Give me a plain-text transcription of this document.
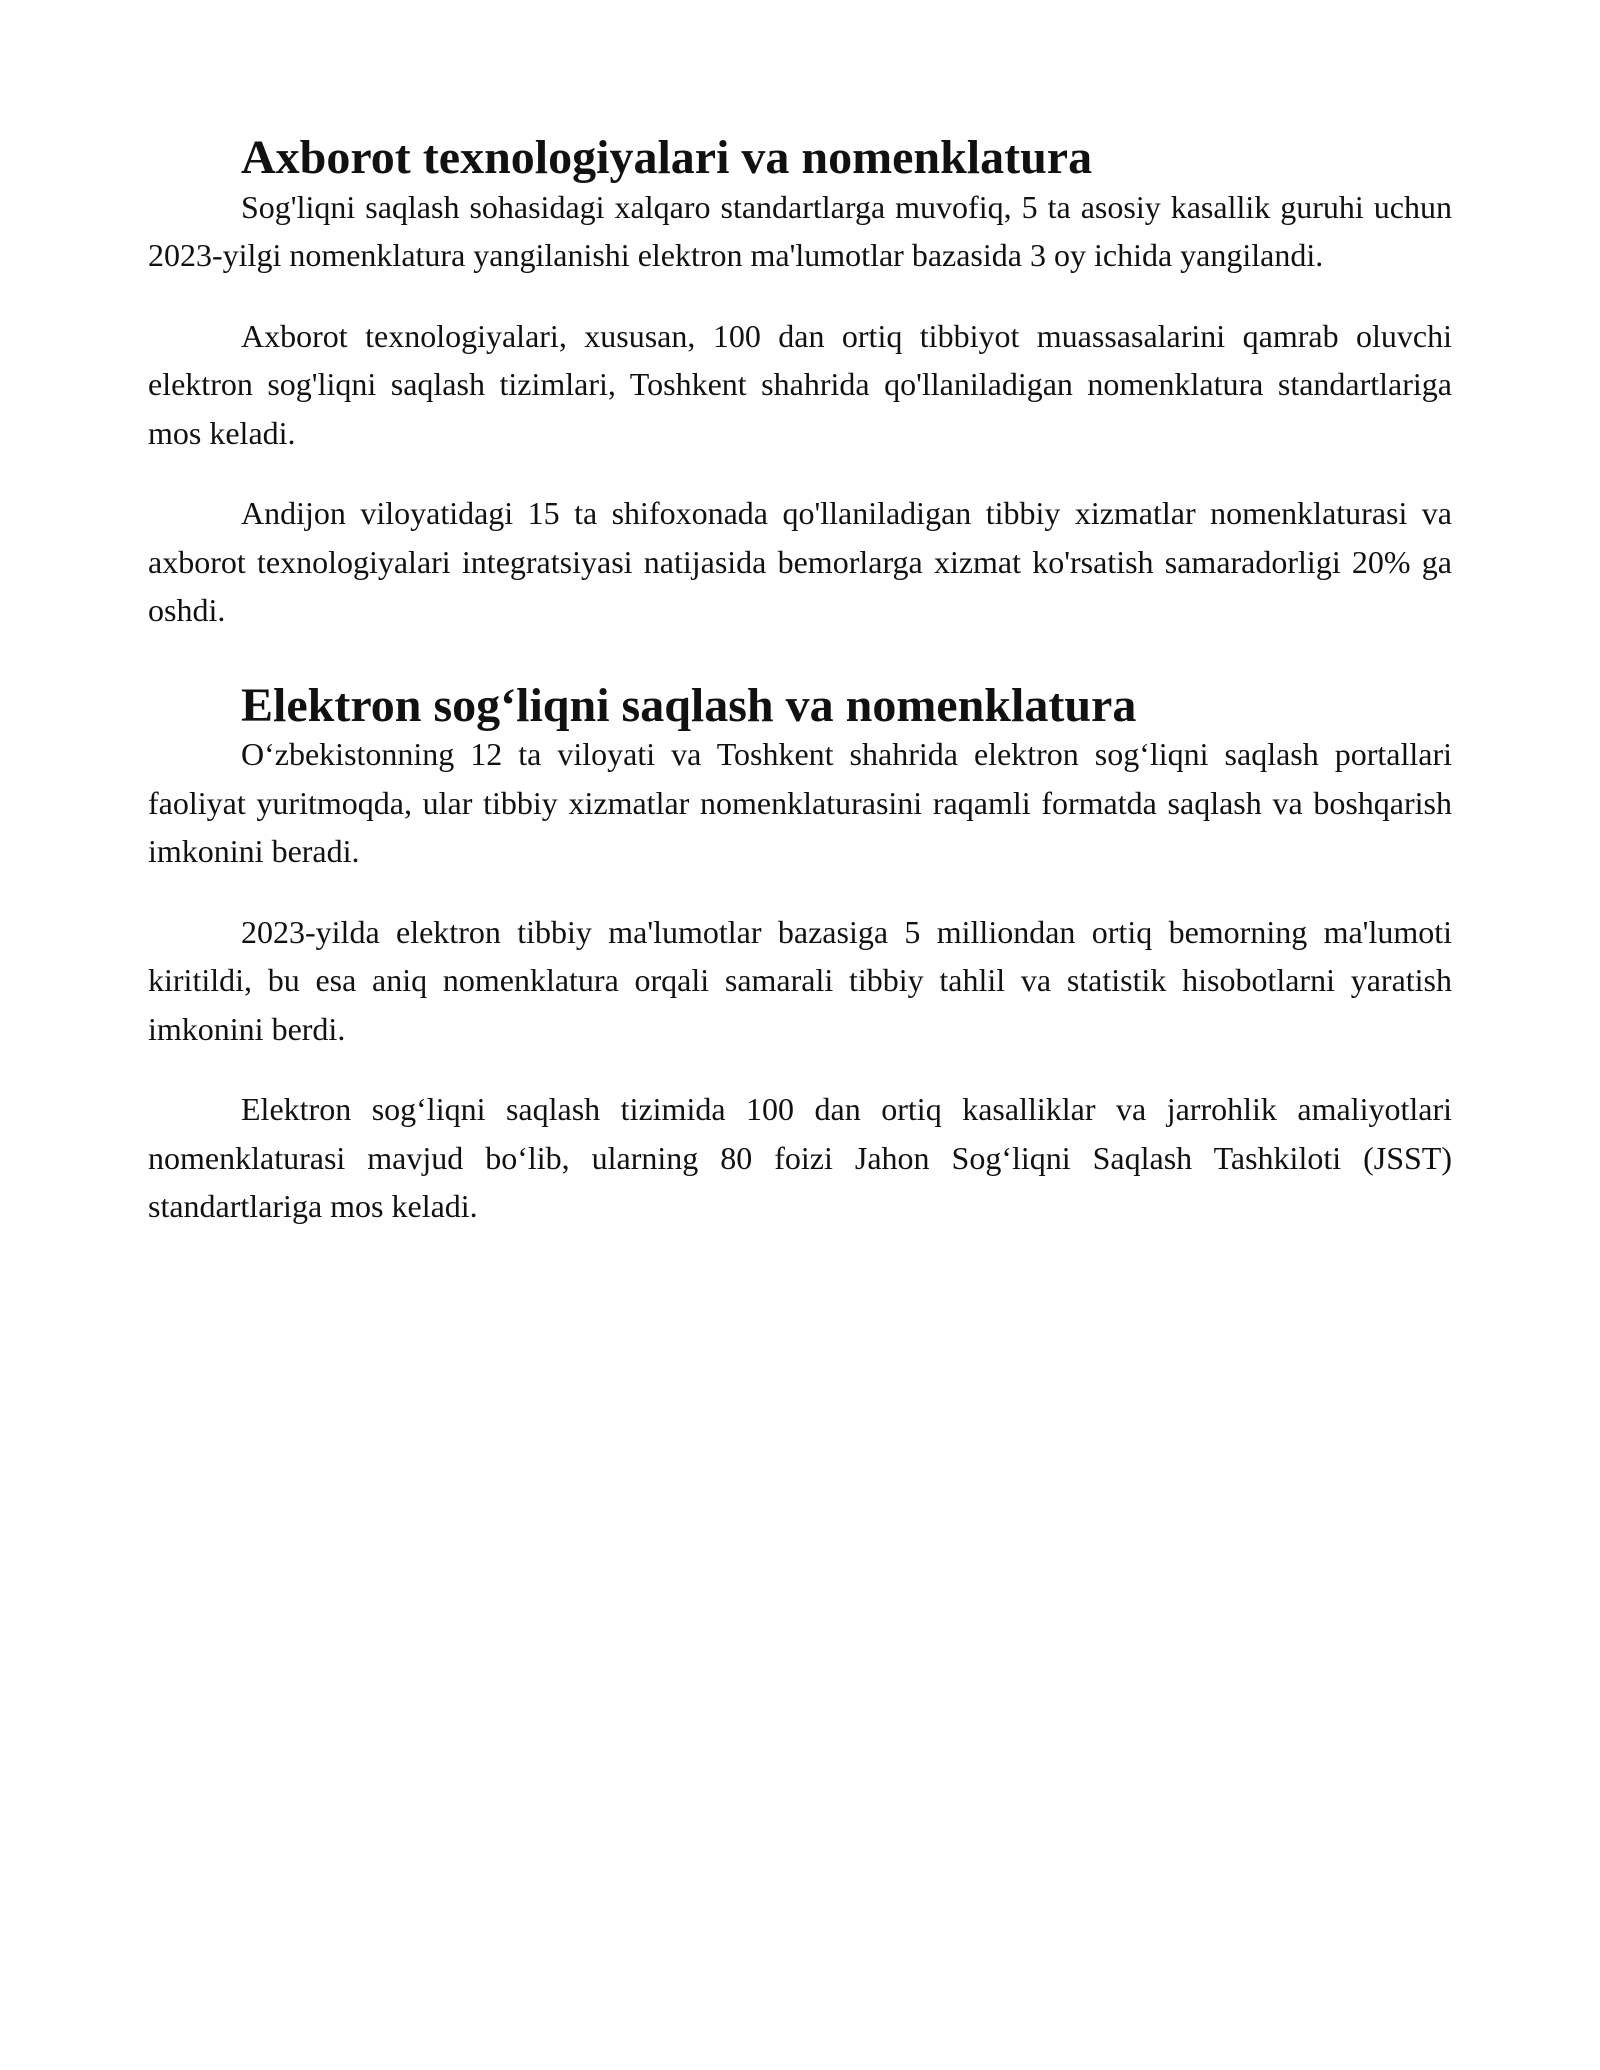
Axborot texnologiyalari va nomenklatura

Sog'liqni saqlash sohasidagi xalqaro standartlarga muvofiq, 5 ta asosiy kasallik guruhi uchun 2023-yilgi nomenklatura yangilanishi elektron ma'lumotlar bazasida 3 oy ichida yangilandi.

Axborot texnologiyalari, xususan, 100 dan ortiq tibbiyot muassasalarini qamrab oluvchi elektron sog'liqni saqlash tizimlari, Toshkent shahrida qo'llaniladigan nomenklatura standartlariga mos keladi.

Andijon viloyatidagi 15 ta shifoxonada qo'llaniladigan tibbiy xizmatlar nomenklaturasi va axborot texnologiyalari integratsiyasi natijasida bemorlarga xizmat ko'rsatish samaradorligi 20% ga oshdi.

Elektron sog‘liqni saqlash va nomenklatura

O‘zbekistonning 12 ta viloyati va Toshkent shahrida elektron sog‘liqni saqlash portallari faoliyat yuritmoqda, ular tibbiy xizmatlar nomenklaturasini raqamli formatda saqlash va boshqarish imkonini beradi.

2023-yilda elektron tibbiy ma'lumotlar bazasiga 5 milliondan ortiq bemorning ma'lumoti kiritildi, bu esa aniq nomenklatura orqali samarali tibbiy tahlil va statistik hisobotlarni yaratish imkonini berdi.

Elektron sog‘liqni saqlash tizimida 100 dan ortiq kasalliklar va jarrohlik amaliyotlari nomenklaturasi mavjud bo‘lib, ularning 80 foizi Jahon Sog‘liqni Saqlash Tashkiloti (JSST) standartlariga mos keladi.
